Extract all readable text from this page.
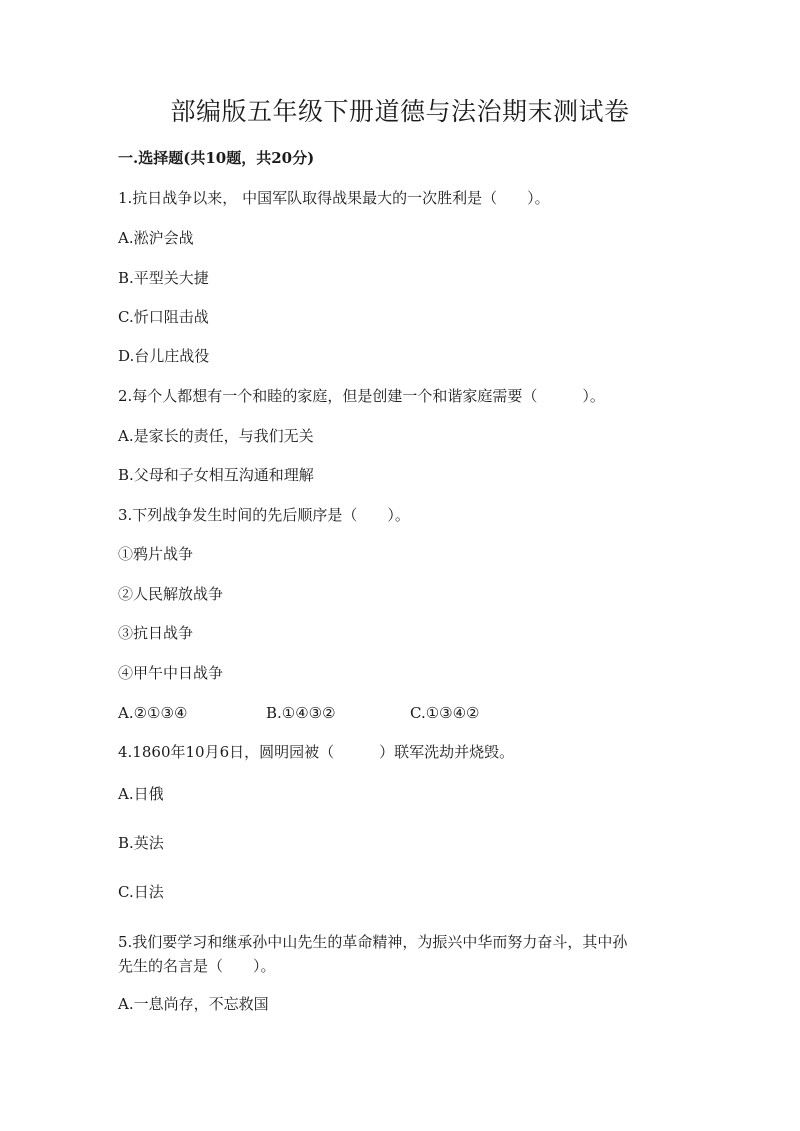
部编版五年级下册道德与法治期末测试卷
一.选择题(共10题，共20分)
1.抗日战争以来， 中国军队取得战果最大的一次胜利是（　　）。
A.淞沪会战
B.平型关大捷
C.忻口阻击战
D.台儿庄战役
2.每个人都想有一个和睦的家庭，但是创建一个和谐家庭需要（　　　）。
A.是家长的责任，与我们无关
B.父母和子女相互沟通和理解
3.下列战争发生时间的先后顺序是（　　）。
①鸦片战争
②人民解放战争
③抗日战争
④甲午中日战争
A.②①③④	B.①④③②	C.①③④②
4.1860年10月6日，圆明园被（　　　）联军洗劫并烧毁。
A.日俄
B.英法
C.日法
5.我们要学习和继承孙中山先生的革命精神，为振兴中华而努力奋斗，其中孙
先生的名言是（　　）。
A.一息尚存，不忘救国
